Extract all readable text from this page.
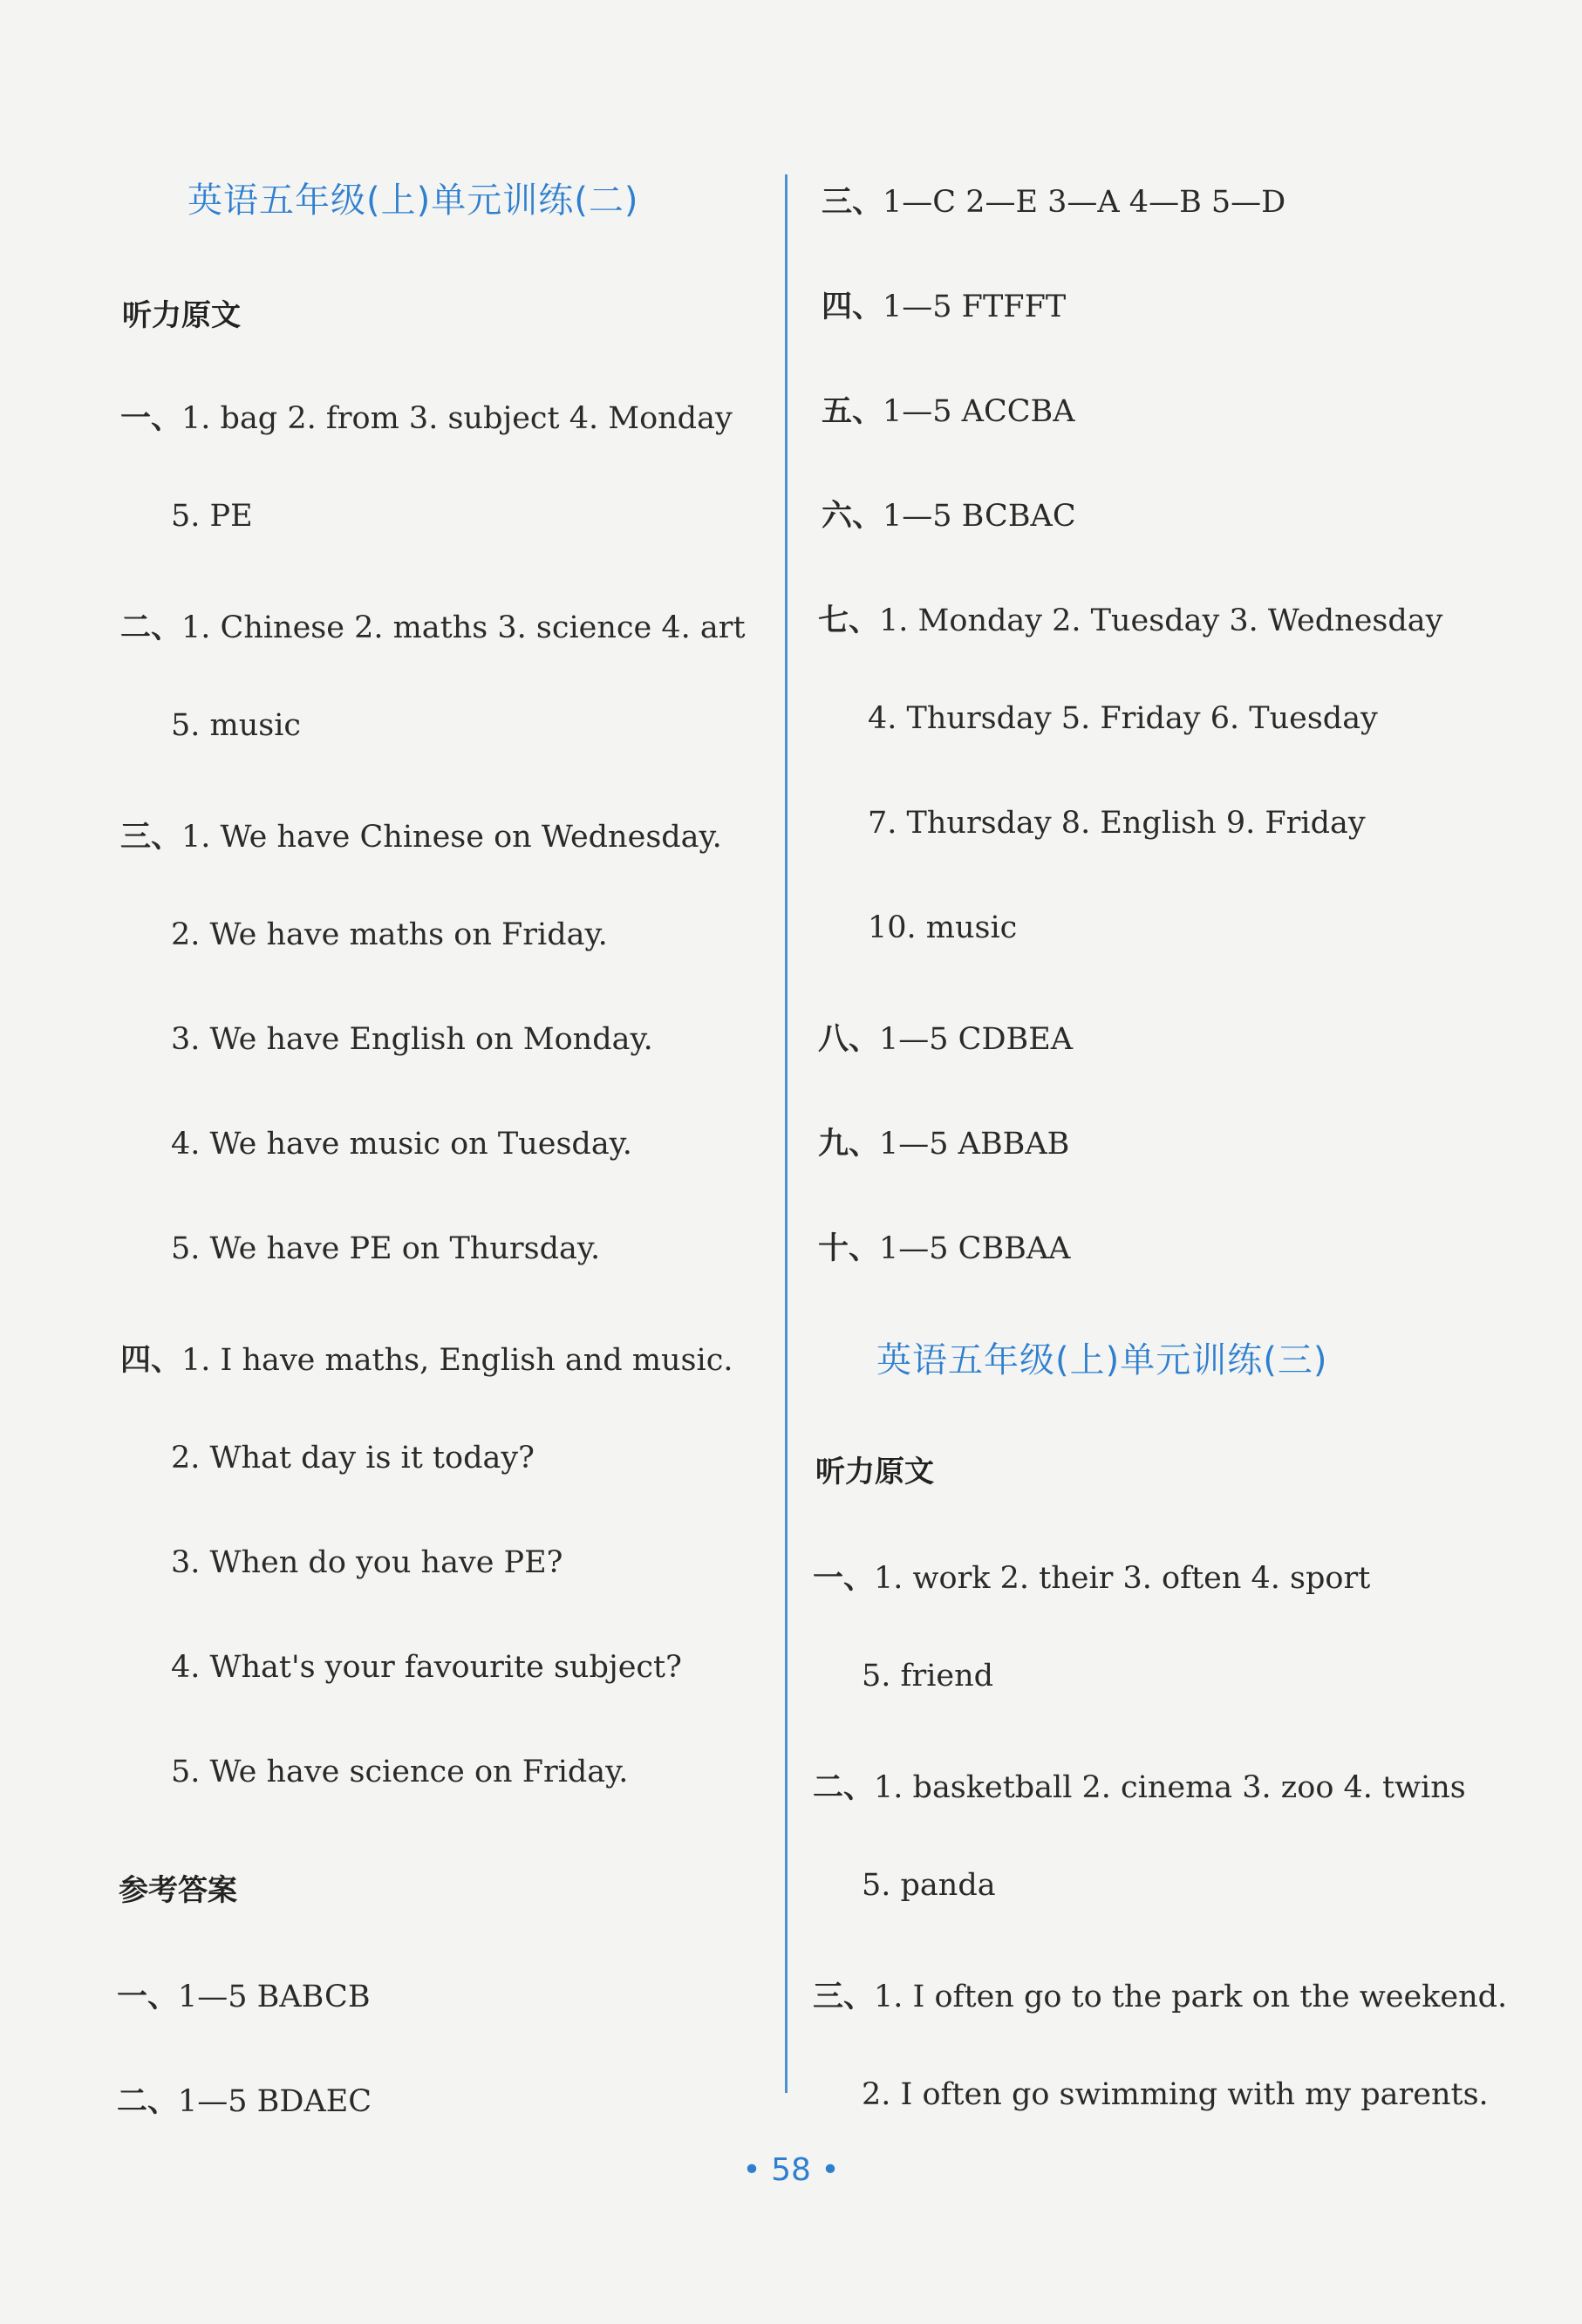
英语五年级(上)单元训练(二)
听力原文
一、1. bag 2. from 3. subject 4. Monday
5. PE
二、1. Chinese 2. maths 3. science 4. art
5. music
三、1. We have Chinese on Wednesday.
2. We have maths on Friday.
3. We have English on Monday.
4. We have music on Tuesday.
5. We have PE on Thursday.
四、1. I have maths, English and music.
2. What day is it today?
3. When do you have PE?
4. What's your favourite subject?
5. We have science on Friday.
参考答案
一、1—5 BABCB
二、1—5 BDAEC
三、1—C 2—E 3—A 4—B 5—D
四、1—5 FTFFT
五、1—5 ACCBA
六、1—5 BCBAC
七、1. Monday 2. Tuesday 3. Wednesday
4. Thursday 5. Friday 6. Tuesday
7. Thursday 8. English 9. Friday
10. music
八、1—5 CDBEA
九、1—5 ABBAB
十、1—5 CBBAA
英语五年级(上)单元训练(三)
听力原文
一、1. work 2. their 3. often 4. sport
5. friend
二、1. basketball 2. cinema 3. zoo 4. twins
5. panda
三、1. I often go to the park on the weekend.
2. I often go swimming with my parents.
• 58 •
